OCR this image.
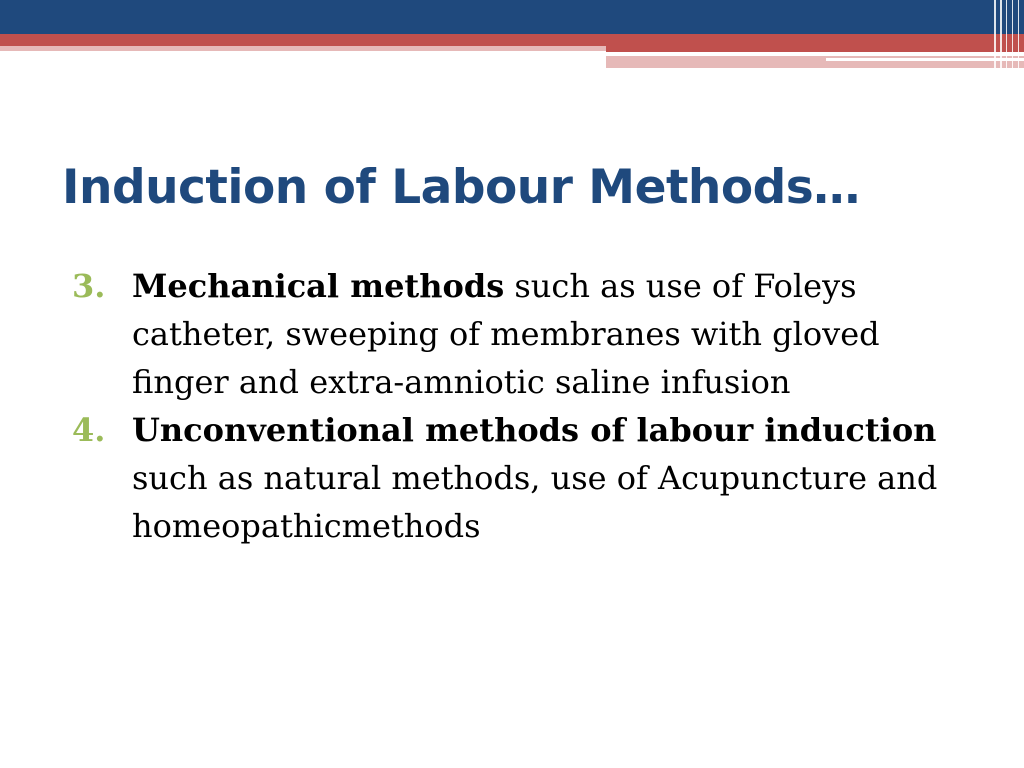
Induction of Labour Methods…
3. Mechanical methods such as use of Foleys catheter, sweeping of membranes with gloved finger and extra-amniotic saline infusion
4. Unconventional methods of labour induction such as natural methods, use of Acupuncture and homeopathicmethods
